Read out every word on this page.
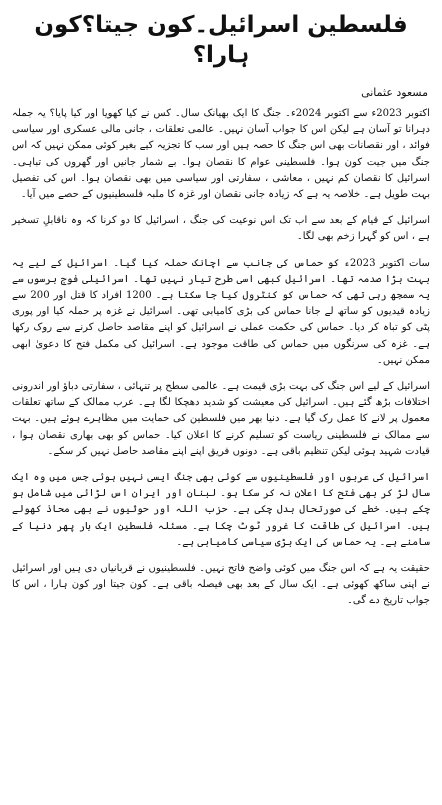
فلسطین اسرائیل۔کون جیتا؟کون ہارا؟
مسعود عثمانی

اکتوبر 2023ء سے اکتوبر 2024ء۔ جنگ کا ایک بھیانک سال۔ کس نے کیا کھویا اور کیا پایا؟ یہ جملہ دہرانا تو آسان ہے لیکن اس کا جواب آسان نہیں۔ عالمی تعلقات ، جانی مالی عسکری اور سیاسی فوائد ، اور نقصانات بھی اس جنگ کا حصہ ہیں اور سب کا تجزیہ کیے بغیر کوئی ممکن نہیں کہ اس جنگ میں جیت کون ہوا۔ فلسطینی عوام کا نقصان ہوا۔ بے شمار جانیں اور گھروں کی تباہی۔ اسرائیل کا نقصان کم نہیں ، معاشی ، سفارتی اور سیاسی میں بھی نقصان ہوا۔ اس کی تفصیل بہت طویل ہے۔ خلاصہ یہ ہے کہ زیادہ جانی نقصان اور غزہ کا ملبہ فلسطینیوں کے حصے میں آیا۔

اسرائیل کے قیام کے بعد سے اب تک اس نوعیت کی جنگ ، اسرائیل کا دو کرنا کہ وہ ناقابلِ تسخیر ہے ، اس کو گہرا زخم بھی لگا۔

سات اکتوبر 2023ء کو حماس کی جانب سے اچانک حملہ کیا گیا۔ اسرائیل کے لیے یہ بہت بڑا صدمہ تھا۔ اسرائیل کبھی اسی طرح تیار نہیں تھا۔ اسرائیلی فوج برسوں سے یہ سمجھ رہی تھی کہ حماس کو کنٹرول کیا جا سکتا ہے۔ 1200 افراد کا قتل اور 200 سے زیادہ قیدیوں کو ساتھ لے جانا حماس کی بڑی کامیابی تھی۔ اسرائیل نے غزہ پر حملہ کیا اور پوری پٹی کو تباہ کر دیا۔ حماس کی حکمت عملی نے اسرائیل کو اپنے مقاصد حاصل کرنے سے روک رکھا ہے۔ غزہ کی سرنگوں میں حماس کی طاقت موجود ہے۔ اسرائیل کی مکمل فتح کا دعویٰ ابھی ممکن نہیں۔

اسرائیل کے لیے اس جنگ کی بہت بڑی قیمت ہے۔ عالمی سطح پر تنہائی ، سفارتی دباؤ اور اندرونی اختلافات بڑھ گئے ہیں۔ اسرائیل کی معیشت کو شدید دھچکا لگا ہے۔ عرب ممالک کے ساتھ تعلقات معمول پر لانے کا عمل رک گیا ہے۔ دنیا بھر میں فلسطین کی حمایت میں مظاہرے ہوئے ہیں۔ بہت سے ممالک نے فلسطینی ریاست کو تسلیم کرنے کا اعلان کیا۔ حماس کو بھی بھاری نقصان ہوا ، قیادت شہید ہوئی لیکن تنظیم باقی ہے۔ دونوں فریق اپنے اپنے مقاصد حاصل نہیں کر سکے۔

اسرائیل کی عربوں اور فلسطینیوں سے کوئی بھی جنگ ایسی نہیں ہوئی جس میں وہ ایک سال لڑ کر بھی فتح کا اعلان نہ کر سکا ہو۔ لبنان اور ایران اس لڑائی میں شامل ہو چکے ہیں۔ خطے کی صورتحال بدل چکی ہے۔ حزب اللہ اور حوثیوں نے بھی محاذ کھولے ہیں۔ اسرائیل کی طاقت کا غرور ٹوٹ چکا ہے۔ مسئلہ فلسطین ایک بار پھر دنیا کے سامنے ہے۔ یہ حماس کی ایک بڑی سیاسی کامیابی ہے۔

حقیقت یہ ہے کہ اس جنگ میں کوئی واضح فاتح نہیں۔ فلسطینیوں نے قربانیاں دی ہیں اور اسرائیل نے اپنی ساکھ کھوئی ہے۔ ایک سال کے بعد بھی فیصلہ باقی ہے۔ کون جیتا اور کون ہارا ، اس کا جواب تاریخ دے گی۔
